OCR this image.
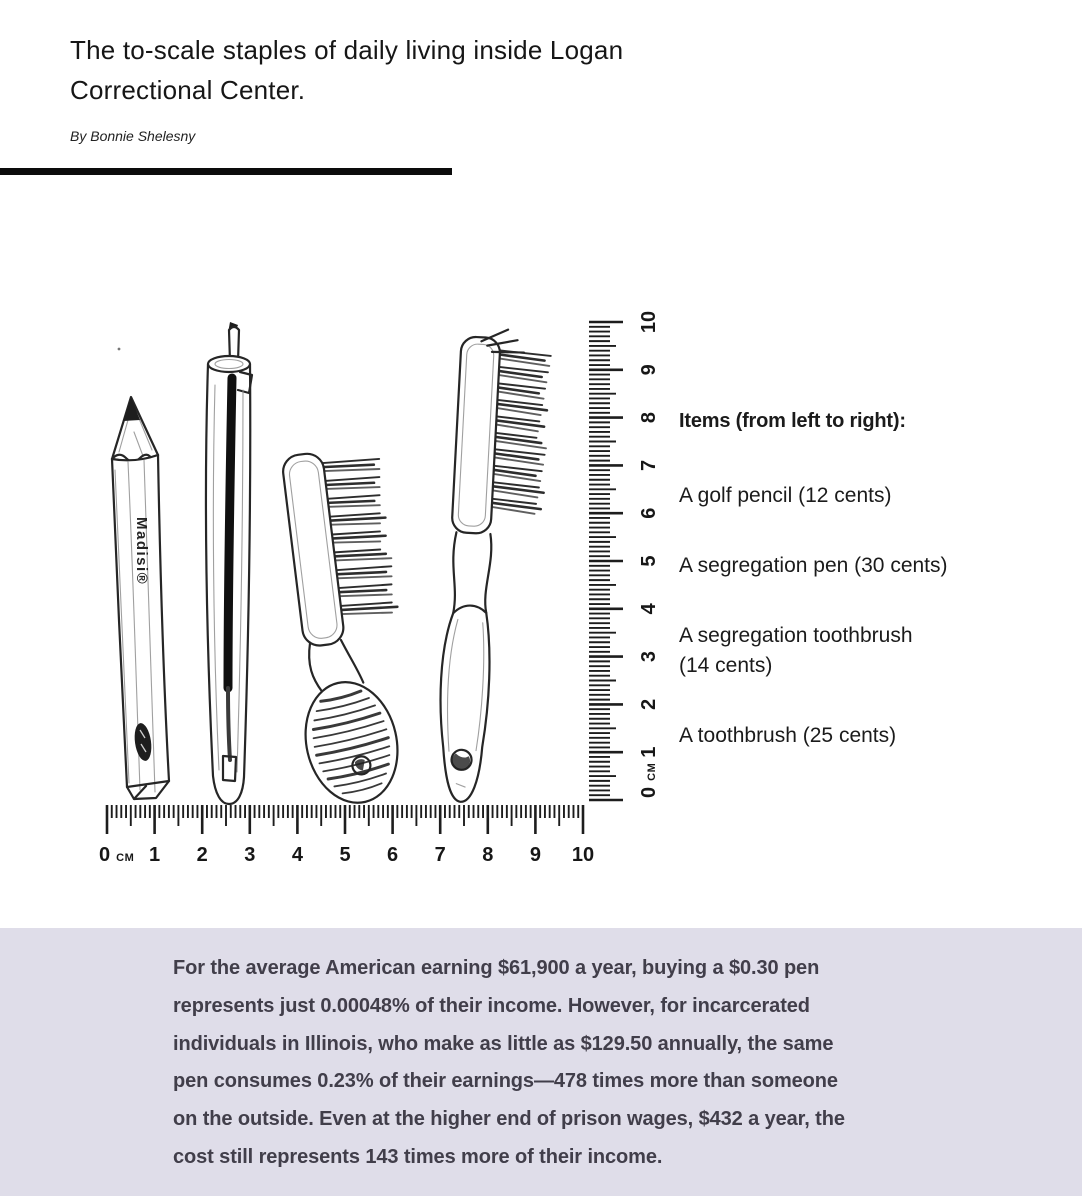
The to-scale staples of daily living inside Logan
Correctional Center.

By Bonnie Shelesny

Madisi®
0CM
1
2
3
4
5
6
7
8
9
10
0 CM 1 2 3 4 5 6 7 8 9 10
Items (from left to right):
A golf pencil (12 cents)
A segregation pen (30 cents)
A segregation toothbrush
(14 cents)
A toothbrush (25 cents)

For the average American earning $61,900 a year, buying a $0.30 pen
represents just 0.00048% of their income. However, for incarcerated
individuals in Illinois, who make as little as $129.50 annually, the same
pen consumes 0.23% of their earnings—478 times more than someone
on the outside. Even at the higher end of prison wages, $432 a year, the
cost still represents 143 times more of their income.
